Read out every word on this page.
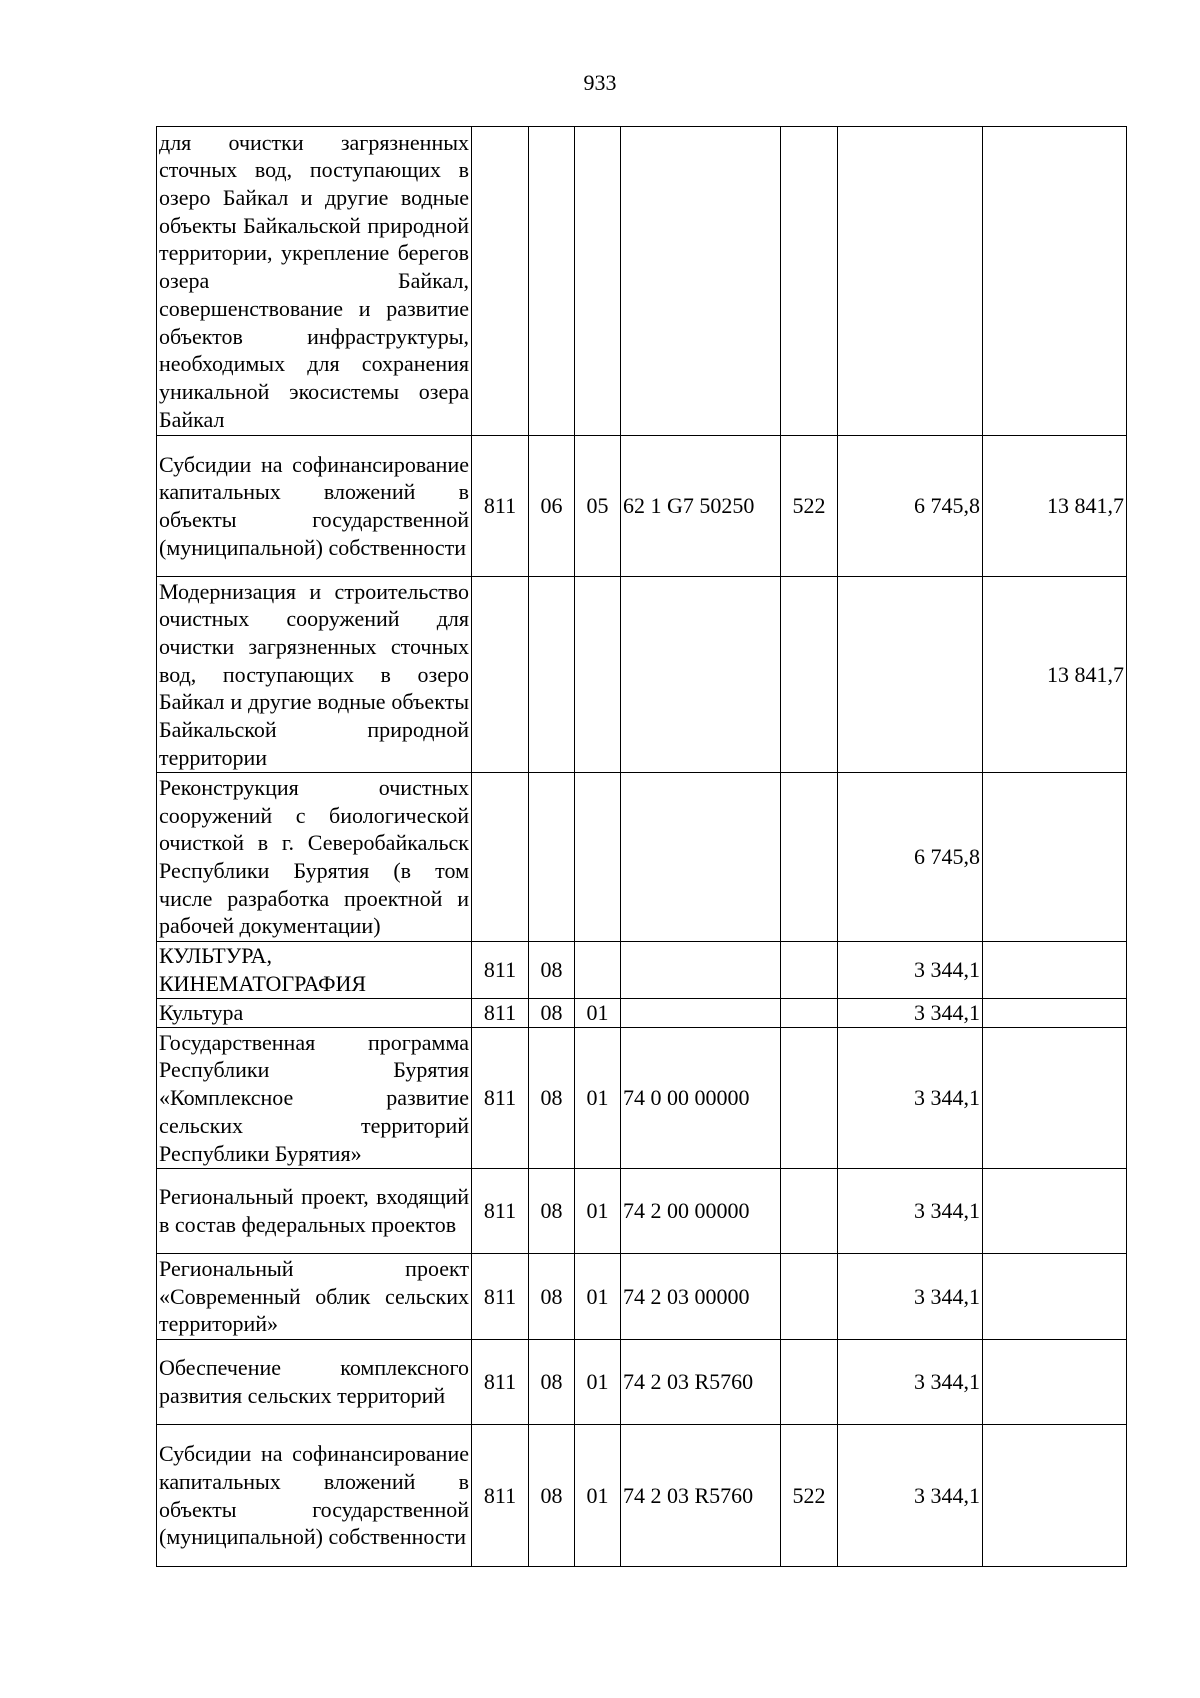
933
для очистки загрязненных сточных вод, поступающих в озеро Байкал и другие водные объекты Байкальской природной территории, укрепление берегов озера Байкал, совершенствование и развитие объектов инфраструктуры, необходимых для сохранения уникальной экосистемы озера Байкал							
Субсидии на софинансирование капитальных вложений в объекты государственной (муниципальной) собственности	811	06	05	62 1 G7 50250	522	6 745,8	13 841,7
Модернизация и строительство очистных сооружений для очистки загрязненных сточных вод, поступающих в озеро Байкал и другие водные объекты Байкальской природной территории							13 841,7
Реконструкция очистных сооружений с биологической очисткой в г. Северобайкальск Республики Бурятия (в том числе разработка проектной и рабочей документации)						6 745,8	
КУЛЬТУРА, КИНЕМАТОГРАФИЯ	811	08				3 344,1	
Культура	811	08	01			3 344,1	
Государственная программа Республики Бурятия «Комплексное развитие сельских территорий Республики Бурятия»	811	08	01	74 0 00 00000		3 344,1	
Региональный проект, входящий в состав федеральных проектов	811	08	01	74 2 00 00000		3 344,1	
Региональный проект «Современный облик сельских территорий»	811	08	01	74 2 03 00000		3 344,1	
Обеспечение комплексного развития сельских территорий	811	08	01	74 2 03 R5760		3 344,1	
Субсидии на софинансирование капитальных вложений в объекты государственной (муниципальной) собственности	811	08	01	74 2 03 R5760	522	3 344,1	
